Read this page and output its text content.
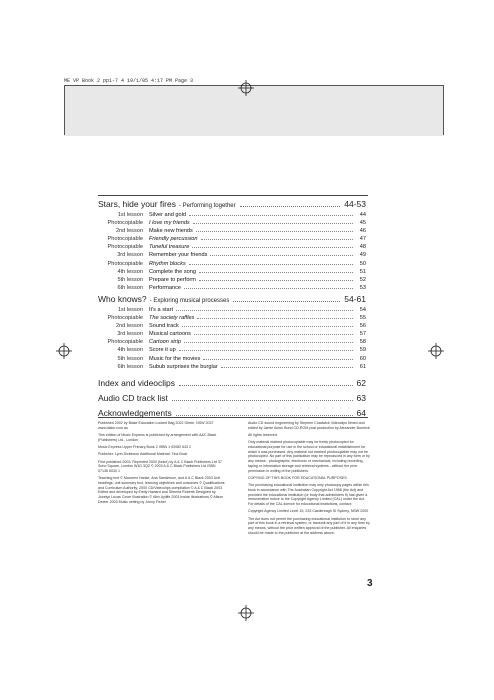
ME VP Book 2 pp1-7 4 19/1/05 4:17 PM Page 3
Stars, hide your fires - Performing together	44-53
1st lesson Silver and gold	44
Photocopiable I love my friends	45
2nd lesson Make new friends	46
Photocopiable Friendly percussion	47
Photocopiable Tuneful treasure	48
3rd lesson Remember your friends	49
Photocopiable Rhythm blocks	50
4th lesson Complete the song	51
5th lesson Prepare to perform	52
6th lesson Performance	53
Who knows? - Exploring musical processes	54-61
1st lesson It's a start	54
Photocopiable The society raffles	55
2nd lesson Sound track	56
3rd lesson Musical cartoons	57
Photocopiable Cartoon strip	58
4th lesson Score it up	59
5th lesson Music for the movies	60
6th lesson Subub surprises the burglar	61
Index and videoclips	62
Audio CD track list	63
Acknowledgements	64

Published 2002 by Blake Education Locked Bag 2022 Glebe, NSW 2037 www.blake.com.au

This edition of Music Express is published by arrangement with A&C Black (Publishers) Ltd., London

Music Express Upper Primary Book 2 ISBN 1 92082 643 2

Publisher: Lynn Dickinson Additional Material: Tina Buck

First published 2003. Reprinted 2003 (twice) by A & C Black Publishers Ltd 37 Soho Square, London W1D 3QZ © 2003 A & C Black Publishers Ltd ISBN 07136 6030 1

Teaching text © Maureen Hanke, Ana Sanderson, and A & C Black 2003 Unit headings, unit summary text, learning objectives and outcomes © Qualifications and Curriculum Authority, 2000 CD/Videoclips compilation © A & C Black 2003 Edited and developed by Emily Haward and Sheena Roberts Designed by Jocelyn Lucas Cover illustration © Alex Ayliffe 2003 Inside illustrations © Alison Dexter 2003 Music setting by Jonny Fisher

Audio CD sound engineering by Stephen Chadwick Videoclips filmed and edited by Jamie Acton Bond CD-ROM post production by Alexander Burmick

All rights reserved.

Only material marked photocopiable may be freely photocopied for educational purpose for use in the school or educational establishment for which it was purchased. Any material not marked photocopiable may not be photocopied. No part of this publication may be reproduced in any form or by any means - photographic, electronic or mechanical, including recording, taping or information storage and retrieval systems - without the prior permission in writing of the publishers.

COPYING OF THIS BOOK FOR EDUCATIONAL PURPOSES

The purchasing educational institution may only photocopy pages within this book in accordance with The Australian Copyright Act 1968 (the Act) and provided the educational institution (or body that administers it) has given a remuneration notice to the Copyright Agency Limited (CAL) under the Act. For details of the CAL licence for educational institutions, contact:

Copyright Agency Limited Level 15, 233 Castlereagh St Sydney, NSW 2000

The Act does not permit the purchasing educational institution to store any part of this book in a retrieval system, or transmit any part of it in any form by any means, without the prior written approval of the publisher. All enquiries should be made to the publisher at the address above.

3
